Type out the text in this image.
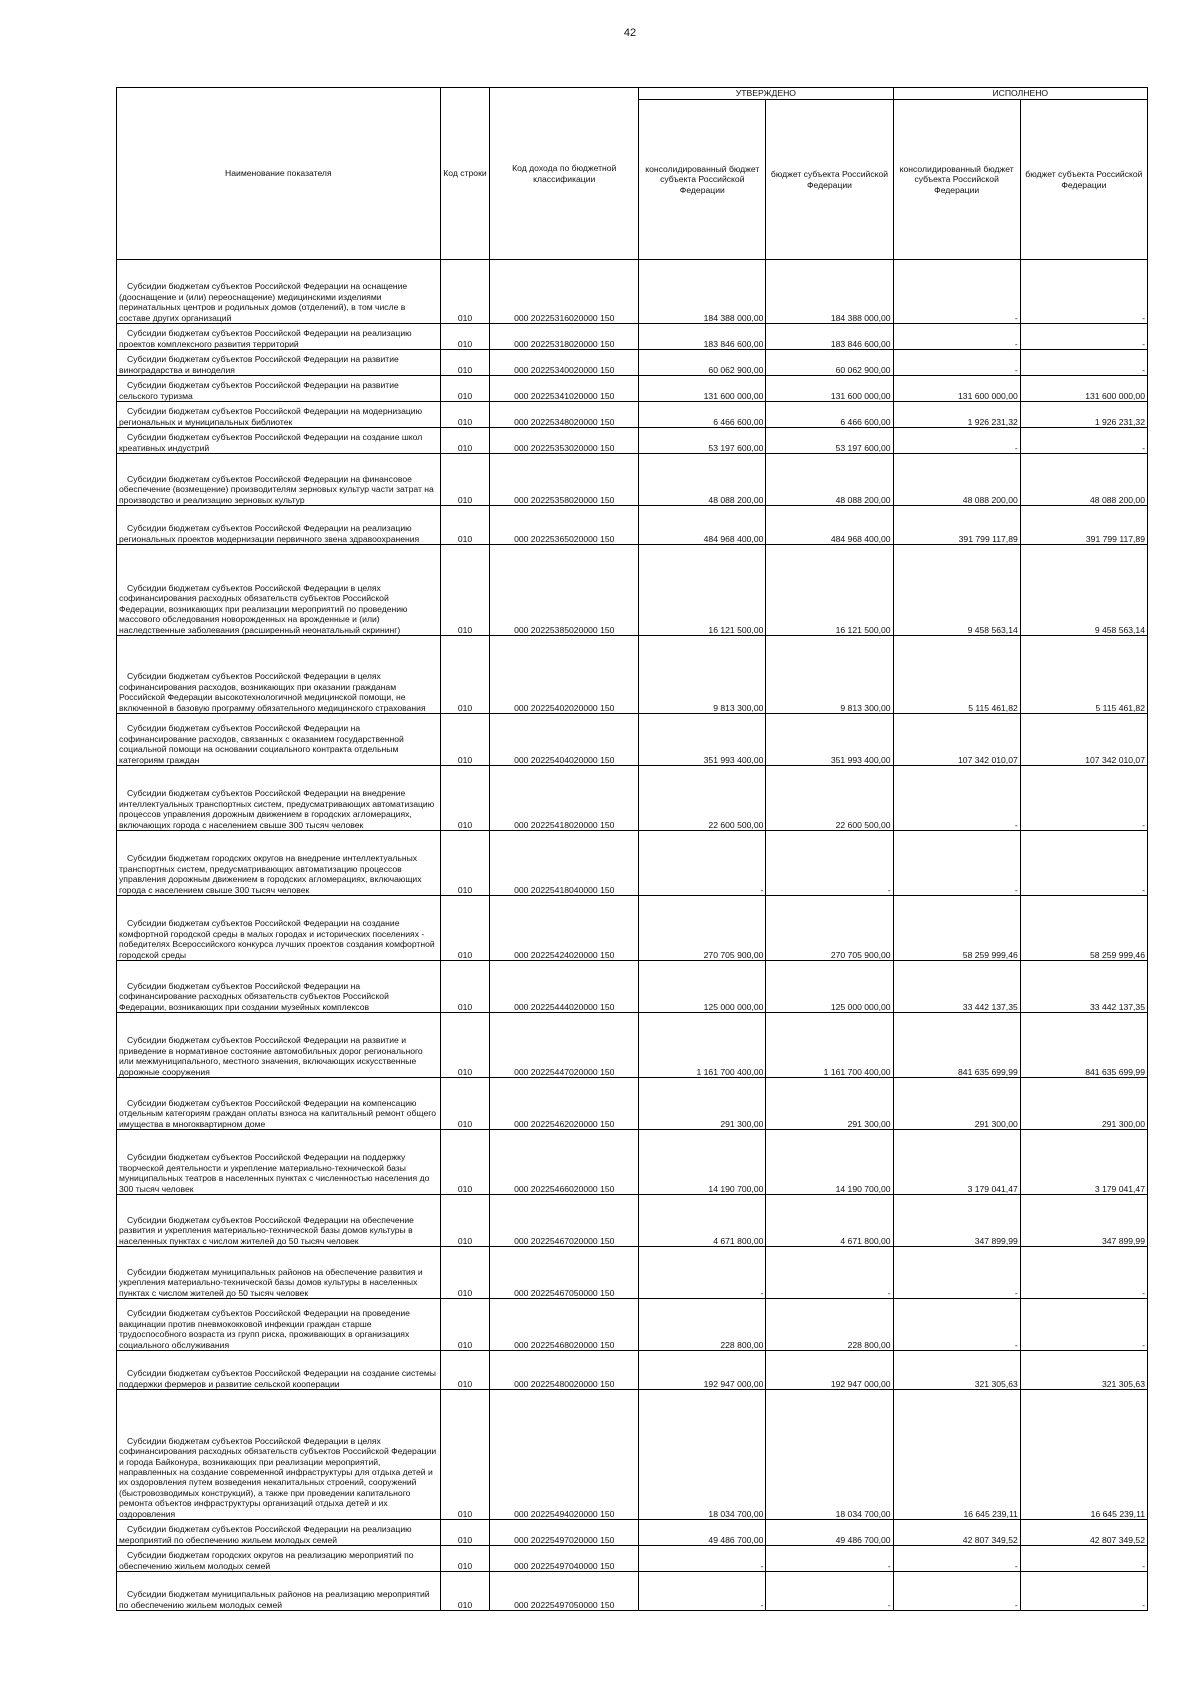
42
Наименование показателя	Код строки	Код дохода по бюджетной классификации	УТВЕРЖДЕНО		ИСПОЛНЕНО	
			консолидированный бюджет субъекта Российской Федерации	бюджет субъекта Российской Федерации	консолидированный бюджет субъекта Российской Федерации	бюджет субъекта Российской Федерации

Субсидии бюджетам субъектов Российской Федерации на оснащение (дооснащение и (или) переоснащение) медицинскими изделиями перинатальных центров и родильных домов (отделений), в том числе в составе других организаций	010	000 20225316020000 150	184 388 000,00	184 388 000,00	-	-

Субсидии бюджетам субъектов Российской Федерации на реализацию проектов комплексного развития территорий	010	000 20225318020000 150	183 846 600,00	183 846 600,00	-	-

Субсидии бюджетам субъектов Российской Федерации на развитие виноградарства и виноделия	010	000 20225340020000 150	60 062 900,00	60 062 900,00	-	-

Субсидии бюджетам субъектов Российской Федерации на развитие сельского туризма	010	000 20225341020000 150	131 600 000,00	131 600 000,00	131 600 000,00	131 600 000,00

Субсидии бюджетам субъектов Российской Федерации на модернизацию региональных и муниципальных библиотек	010	000 20225348020000 150	6 466 600,00	6 466 600,00	1 926 231,32	1 926 231,32

Субсидии бюджетам субъектов Российской Федерации на создание школ креативных индустрий	010	000 20225353020000 150	53 197 600,00	53 197 600,00	-	-

Субсидии бюджетам субъектов Российской Федерации на финансовое обеспечение (возмещение) производителям зерновых культур части затрат на производство и реализацию зерновых культур	010	000 20225358020000 150	48 088 200,00	48 088 200,00	48 088 200,00	48 088 200,00

Субсидии бюджетам субъектов Российской Федерации на реализацию региональных проектов модернизации первичного звена здравоохранения	010	000 20225365020000 150	484 968 400,00	484 968 400,00	391 799 117,89	391 799 117,89

Субсидии бюджетам субъектов Российской Федерации в целях софинансирования расходных обязательств субъектов Российской Федерации, возникающих при реализации мероприятий по проведению массового обследования новорожденных на врожденные и (или) наследственные заболевания (расширенный неонатальный скрининг)	010	000 20225385020000 150	16 121 500,00	16 121 500,00	9 458 563,14	9 458 563,14

Субсидии бюджетам субъектов Российской Федерации в целях софинансирования расходов, возникающих при оказании гражданам Российской Федерации высокотехнологичной медицинской помощи, не включенной в базовую программу обязательного медицинского страхования	010	000 20225402020000 150	9 813 300,00	9 813 300,00	5 115 461,82	5 115 461,82

Субсидии бюджетам субъектов Российской Федерации на софинансирование расходов, связанных с оказанием государственной социальной помощи на основании социального контракта отдельным категориям граждан	010	000 20225404020000 150	351 993 400,00	351 993 400,00	107 342 010,07	107 342 010,07

Субсидии бюджетам субъектов Российской Федерации на внедрение интеллектуальных транспортных систем, предусматривающих автоматизацию процессов управления дорожным движением в городских агломерациях, включающих города с населением свыше 300 тысяч человек	010	000 20225418020000 150	22 600 500,00	22 600 500,00	-	-

Субсидии бюджетам городских округов на внедрение интеллектуальных транспортных систем, предусматривающих автоматизацию процессов управления дорожным движением в городских агломерациях, включающих города с населением свыше 300 тысяч человек	010	000 20225418040000 150	-	-	-	-

Субсидии бюджетам субъектов Российской Федерации на создание комфортной городской среды в малых городах и исторических поселениях - победителях Всероссийского конкурса лучших проектов создания комфортной городской среды	010	000 20225424020000 150	270 705 900,00	270 705 900,00	58 259 999,46	58 259 999,46

Субсидии бюджетам субъектов Российской Федерации на софинансирование расходных обязательств субъектов Российской Федерации, возникающих при создании музейных комплексов	010	000 20225444020000 150	125 000 000,00	125 000 000,00	33 442 137,35	33 442 137,35

Субсидии бюджетам субъектов Российской Федерации на развитие и приведение в нормативное состояние автомобильных дорог регионального или межмуниципального, местного значения, включающих искусственные дорожные сооружения	010	000 20225447020000 150	1 161 700 400,00	1 161 700 400,00	841 635 699,99	841 635 699,99

Субсидии бюджетам субъектов Российской Федерации на компенсацию отдельным категориям граждан оплаты взноса на капитальный ремонт общего имущества в многоквартирном доме	010	000 20225462020000 150	291 300,00	291 300,00	291 300,00	291 300,00

Субсидии бюджетам субъектов Российской Федерации на поддержку творческой деятельности и укрепление материально-технической базы муниципальных театров в населенных пунктах с численностью населения до 300 тысяч человек	010	000 20225466020000 150	14 190 700,00	14 190 700,00	3 179 041,47	3 179 041,47

Субсидии бюджетам субъектов Российской Федерации на обеспечение развития и укрепления материально-технической базы домов культуры в населенных пунктах с числом жителей до 50 тысяч человек	010	000 20225467020000 150	4 671 800,00	4 671 800,00	347 899,99	347 899,99

Субсидии бюджетам муниципальных районов на обеспечение развития и укрепления материально-технической базы домов культуры в населенных пунктах с числом жителей до 50 тысяч человек	010	000 20225467050000 150	-	-	-	-

Субсидии бюджетам субъектов Российской Федерации на проведение вакцинации против пневмококковой инфекции граждан старше трудоспособного возраста из групп риска, проживающих в организациях социального обслуживания	010	000 20225468020000 150	228 800,00	228 800,00	-	-

Субсидии бюджетам субъектов Российской Федерации на создание системы поддержки фермеров и развитие сельской кооперации	010	000 20225480020000 150	192 947 000,00	192 947 000,00	321 305,63	321 305,63

Субсидии бюджетам субъектов Российской Федерации в целях софинансирования расходных обязательств субъектов Российской Федерации и города Байконура, возникающих при реализации мероприятий, направленных на создание современной инфраструктуры для отдыха детей и их оздоровления путем возведения некапитальных строений, сооружений (быстровозводимых конструкций), а также при проведении капитального ремонта объектов инфраструктуры организаций отдыха детей и их оздоровления	010	000 20225494020000 150	18 034 700,00	18 034 700,00	16 645 239,11	16 645 239,11

Субсидии бюджетам субъектов Российской Федерации на реализацию мероприятий по обеспечению жильем молодых семей	010	000 20225497020000 150	49 486 700,00	49 486 700,00	42 807 349,52	42 807 349,52

Субсидии бюджетам городских округов на реализацию мероприятий по обеспечению жильем молодых семей	010	000 20225497040000 150	-	-	-	-

Субсидии бюджетам муниципальных районов на реализацию мероприятий по обеспечению жильем молодых семей	010	000 20225497050000 150	-	-	-	-
